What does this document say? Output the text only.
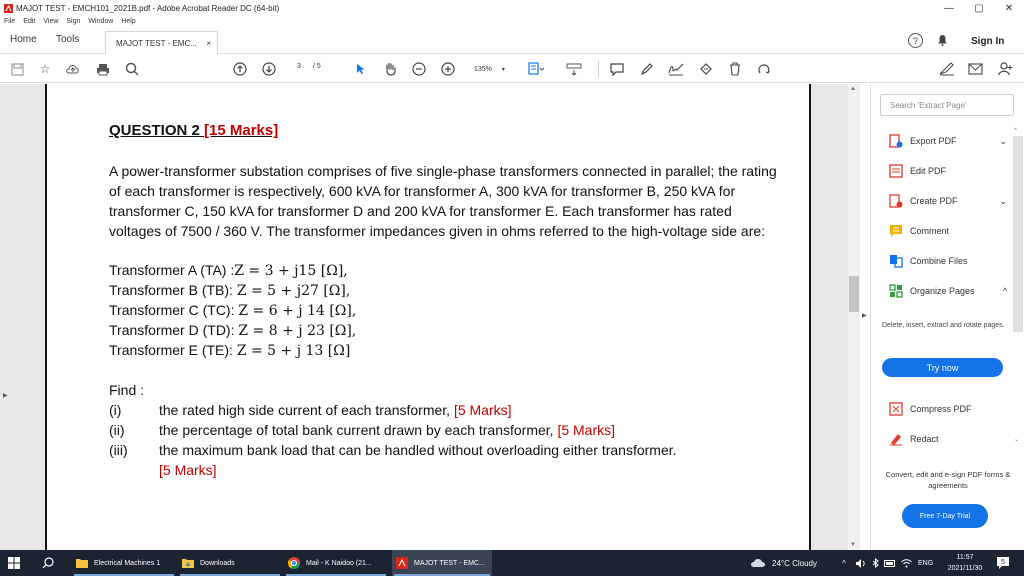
MAJOT TEST - EMCH101_2021B.pdf - Adobe Acrobat Reader DC (64-bit)	—	▢	✕
File Edit View Sign Window Help
Home Tools	MAJOT TEST - EMC... ×	?	Sign In
☆	3 / 5	135% ▾
▶
QUESTION 2 [15 Marks]
A power-transformer substation comprises of five single-phase transformers connected in parallel; the rating of each transformer is respectively, 600 kVA for transformer A, 300 kVA for transformer B, 250 kVA for transformer C, 150 kVA for transformer D and 200 kVA for transformer E. Each transformer has rated voltages of 7500 / 360 V. The transformer impedances given in ohms referred to the high-voltage side are:
Transformer A (TA) :Z = 3 + j15 [Ω],
Transformer B (TB): Z = 5 + j27 [Ω],
Transformer C (TC): Z = 6 + j 14 [Ω],
Transformer D (TD): Z = 8 + j 23 [Ω],
Transformer E (TE): Z = 5 + j 13 [Ω]
Find :
(i)	the rated high side current of each transformer, [5 Marks]
(ii) the percentage of total bank current drawn by each transformer, [5 Marks]
(iii) the maximum bank load that can be handled without overloading either transformer.
[5 Marks]
▲
▼
▶
Search 'Extract Page'
Export PDF	⌄
Edit PDF
Create PDF	⌄
Comment
Combine Files
Organize Pages	^
Delete, insert, extract and rotate pages.
Try now
Compress PDF
Redact
Convert, edit and e-sign PDF forms & agreements
Free 7-Day Trial
^
⌄
Electrical Machines 1	Downloads	Mail - K Naidoo (21...	MAJOT TEST - EMC...	24°C Cloudy	^	ENG
11:57
2021/11/30
5
